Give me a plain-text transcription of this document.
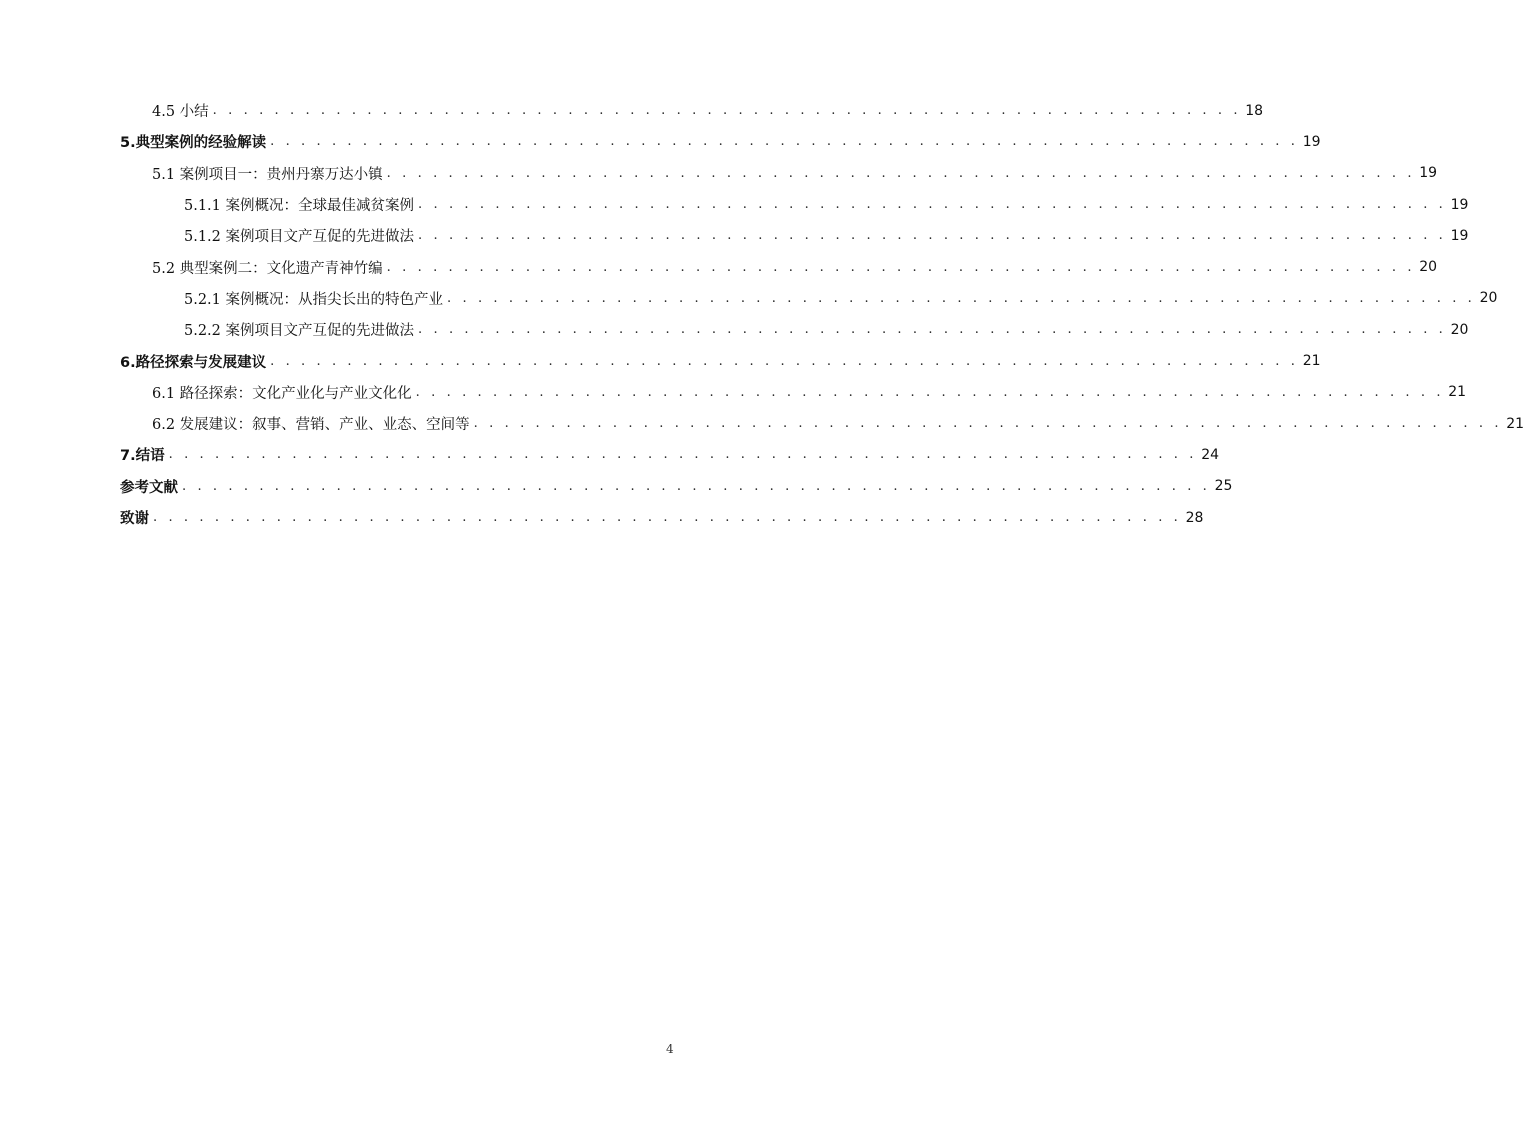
4.5 小结 . . . . . . . . . . . . . . . . . . . . . . . . . . . . . . . . . . . . . . . . . . . . . . . . . . . . . . . . . . . . . . . . . . . 18
5.典型案例的经验解读 . . . . . . . . . . . . . . . . . . . . . . . . . . . . . . . . . . . . . . . . . . . . . . . . . . . . . . . . . . . . . . . . . . . 19
5.1 案例项目一：贵州丹寨万达小镇 . . . . . . . . . . . . . . . . . . . . . . . . . . . . . . . . . . . . . . . . . . . . . . . . . . . . . . . . . . . . . . . . . . . 19
5.1.1 案例概况：全球最佳减贫案例 . . . . . . . . . . . . . . . . . . . . . . . . . . . . . . . . . . . . . . . . . . . . . . . . . . . . . . . . . . . . . . . . . . . 19
5.1.2 案例项目文产互促的先进做法 . . . . . . . . . . . . . . . . . . . . . . . . . . . . . . . . . . . . . . . . . . . . . . . . . . . . . . . . . . . . . . . . . . . 19
5.2 典型案例二：文化遗产青神竹编 . . . . . . . . . . . . . . . . . . . . . . . . . . . . . . . . . . . . . . . . . . . . . . . . . . . . . . . . . . . . . . . . . . . 20
5.2.1 案例概况：从指尖长出的特色产业 . . . . . . . . . . . . . . . . . . . . . . . . . . . . . . . . . . . . . . . . . . . . . . . . . . . . . . . . . . . . . . . . . . . 20
5.2.2 案例项目文产互促的先进做法 . . . . . . . . . . . . . . . . . . . . . . . . . . . . . . . . . . . . . . . . . . . . . . . . . . . . . . . . . . . . . . . . . . . 20
6.路径探索与发展建议 . . . . . . . . . . . . . . . . . . . . . . . . . . . . . . . . . . . . . . . . . . . . . . . . . . . . . . . . . . . . . . . . . . . 21
6.1 路径探索：文化产业化与产业文化化 . . . . . . . . . . . . . . . . . . . . . . . . . . . . . . . . . . . . . . . . . . . . . . . . . . . . . . . . . . . . . . . . . . . 21
6.2 发展建议：叙事、营销、产业、业态、空间等 . . . . . . . . . . . . . . . . . . . . . . . . . . . . . . . . . . . . . . . . . . . . . . . . . . . . . . . . . . . . . . . . . . . 21
7.结语 . . . . . . . . . . . . . . . . . . . . . . . . . . . . . . . . . . . . . . . . . . . . . . . . . . . . . . . . . . . . . . . . . . . 24
参考文献 . . . . . . . . . . . . . . . . . . . . . . . . . . . . . . . . . . . . . . . . . . . . . . . . . . . . . . . . . . . . . . . . . . . 25
致谢 . . . . . . . . . . . . . . . . . . . . . . . . . . . . . . . . . . . . . . . . . . . . . . . . . . . . . . . . . . . . . . . . . . . 28
4
